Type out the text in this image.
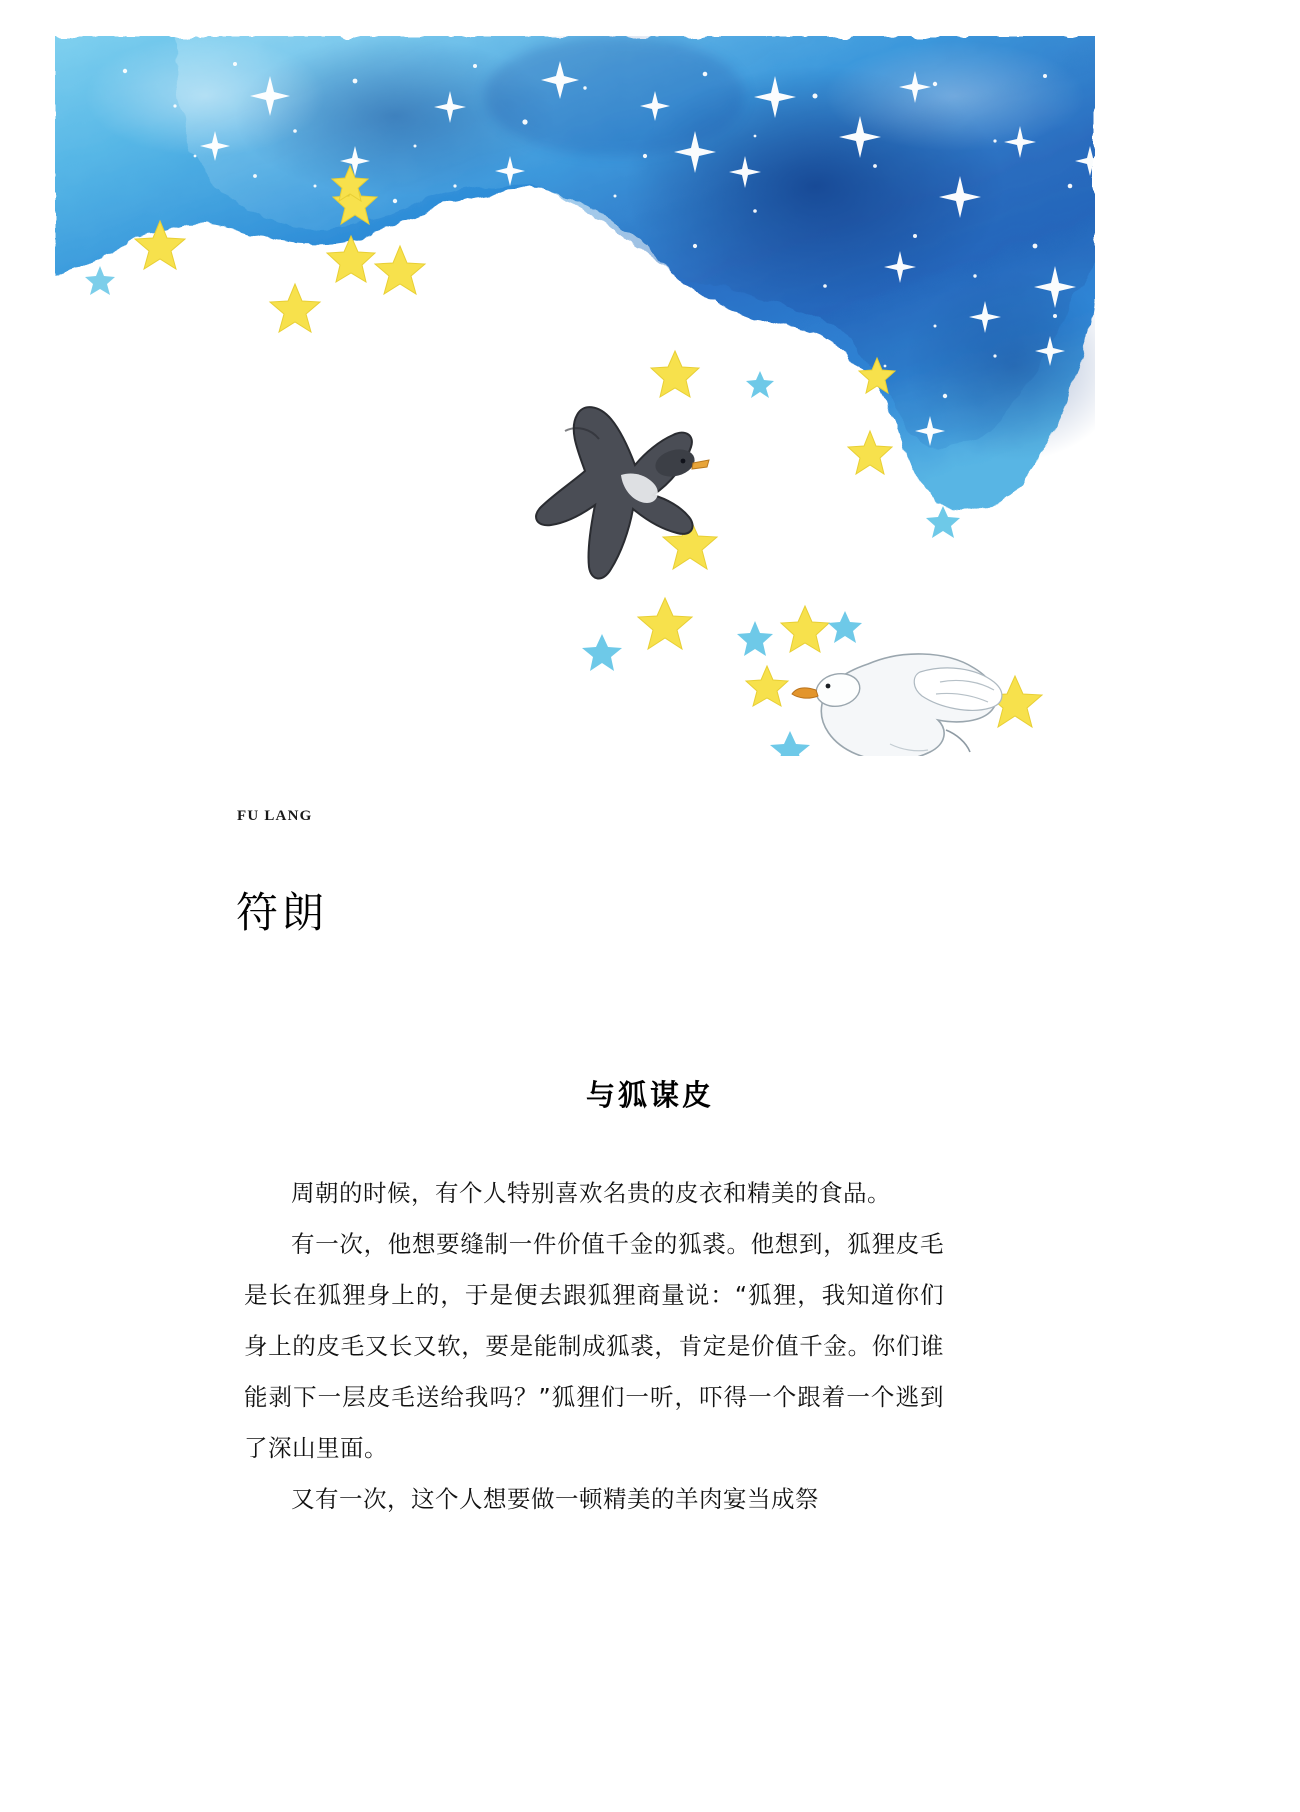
FU LANG
符朗
与狐谋皮

周朝的时候，有个人特别喜欢名贵的皮衣和精美的食品。

有一次，他想要缝制一件价值千金的狐裘。他想到，狐狸皮毛是长在狐狸身上的，于是便去跟狐狸商量说：“狐狸，我知道你们身上的皮毛又长又软，要是能制成狐裘，肯定是价值千金。你们谁能剥下一层皮毛送给我吗？”狐狸们一听，吓得一个跟着一个逃到了深山里面。

又有一次，这个人想要做一顿精美的羊肉宴当成祭
